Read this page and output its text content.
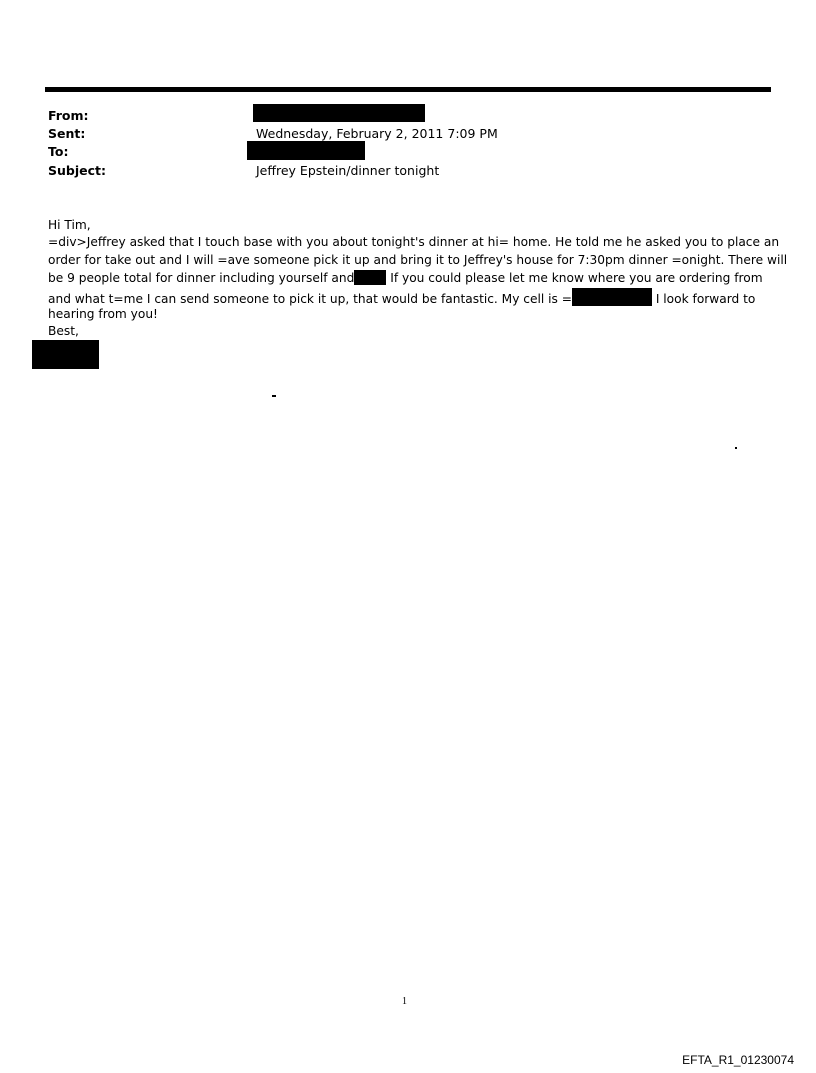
From:
Sent:	Wednesday, February 2, 2011 7:09 PM
To:
Subject:	Jeffrey Epstein/dinner tonight
Hi Tim,
=div>Jeffrey asked that I touch base with you about tonight's dinner at hi= home. He told me he asked you to place an
order for take out and I will =ave someone pick it up and bring it to Jeffrey's house for 7:30pm dinner =onight. There will
be 9 people total for dinner including yourself and	If you could please let me know where you are ordering from
and what t=me I can send someone to pick it up, that would be fantastic. My cell is =	I look forward to
hearing from you!
Best,
1
EFTA_R1_01230074
